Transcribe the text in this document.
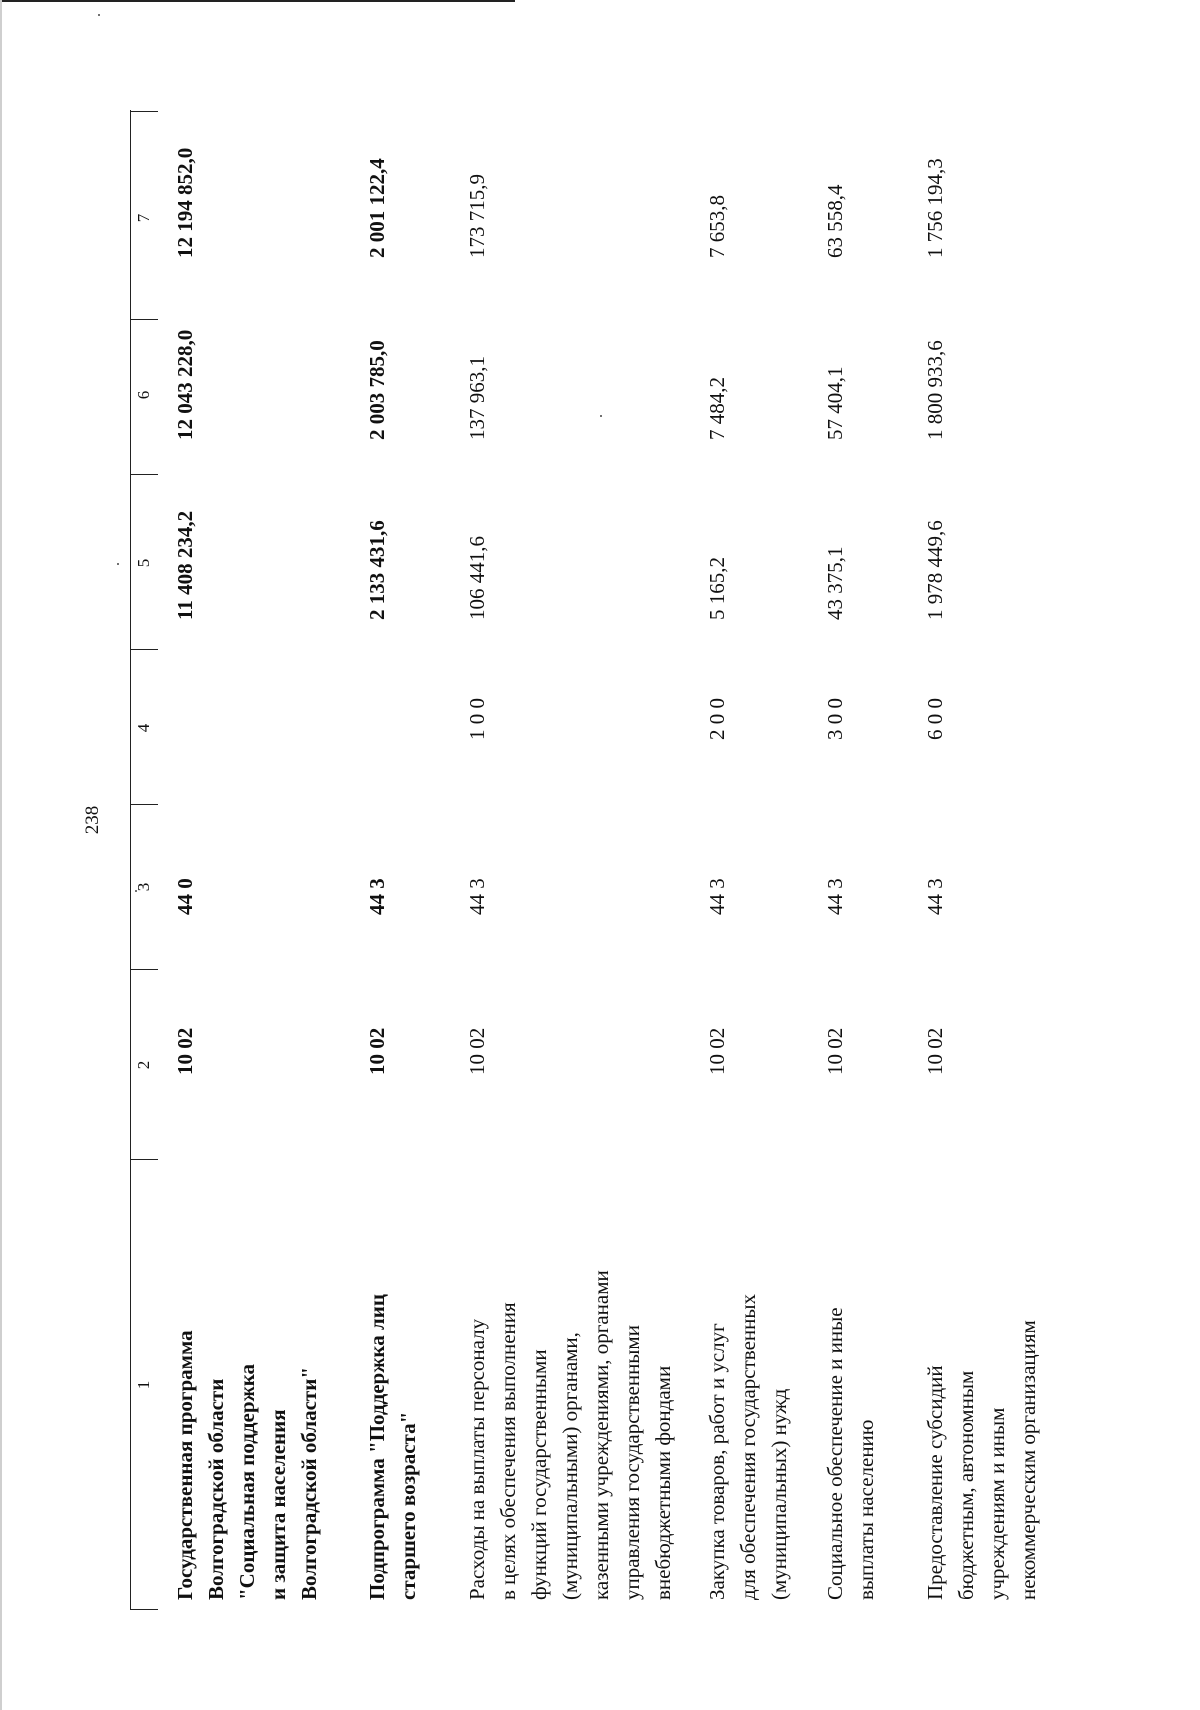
238
1
2
3
4
5
6
7
Государственная программа Волгоградской области "Социальная поддержка и защита населения Волгоградской области"
10 02
44 0
11 408 234,2
12 043 228,0
12 194 852,0
Подпрограмма "Поддержка лиц старшего возраста"
10 02
44 3
2 133 431,6
2 003 785,0
2 001 122,4
Расходы на выплаты персоналу в целях обеспечения выполнения функций государственными (муниципальными) органами, казенными учреждениями, органами управления государственными внебюджетными фондами
10 02
44 3
1 0 0
106 441,6
137 963,1
173 715,9
Закупка товаров, работ и услуг для обеспечения государственных (муниципальных) нужд
10 02
44 3
2 0 0
5 165,2
7 484,2
7 653,8
Социальное обеспечение и иные выплаты населению
10 02
44 3
3 0 0
43 375,1
57 404,1
63 558,4
Предоставление субсидий бюджетным, автономным учреждениям и иным некоммерческим организациям
10 02
44 3
6 0 0
1 978 449,6
1 800 933,6
1 756 194,3
